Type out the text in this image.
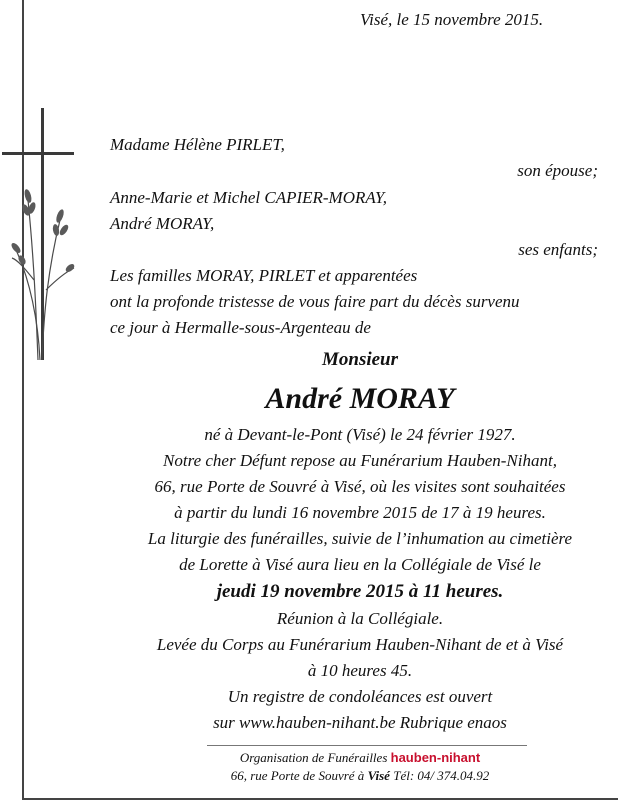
Visé, le 15 novembre 2015.
Madame Hélène PIRLET,
son épouse;
Anne-Marie et Michel CAPIER-MORAY,
André MORAY,
ses enfants;
Les familles MORAY, PIRLET et apparentées
ont la profonde tristesse de vous faire part du décès survenu
ce jour à Hermalle-sous-Argenteau de
Monsieur
André MORAY
né à Devant-le-Pont (Visé) le 24 février 1927.
Notre cher Défunt repose au Funérarium Hauben-Nihant,
66, rue Porte de Souvré à Visé, où les visites sont souhaitées
à partir du lundi 16 novembre 2015 de 17 à 19 heures.
La liturgie des funérailles, suivie de l’inhumation au cimetière
de Lorette à Visé aura lieu en la Collégiale de Visé le
jeudi 19 novembre 2015 à 11 heures.
Réunion à la Collégiale.
Levée du Corps au Funérarium Hauben-Nihant de et à Visé
à 10 heures 45.
Un registre de condoléances est ouvert
sur www.hauben-nihant.be Rubrique enaos
Organisation de Funérailles hauben-nihant
66, rue Porte de Souvré à Visé Tél: 04/ 374.04.92
